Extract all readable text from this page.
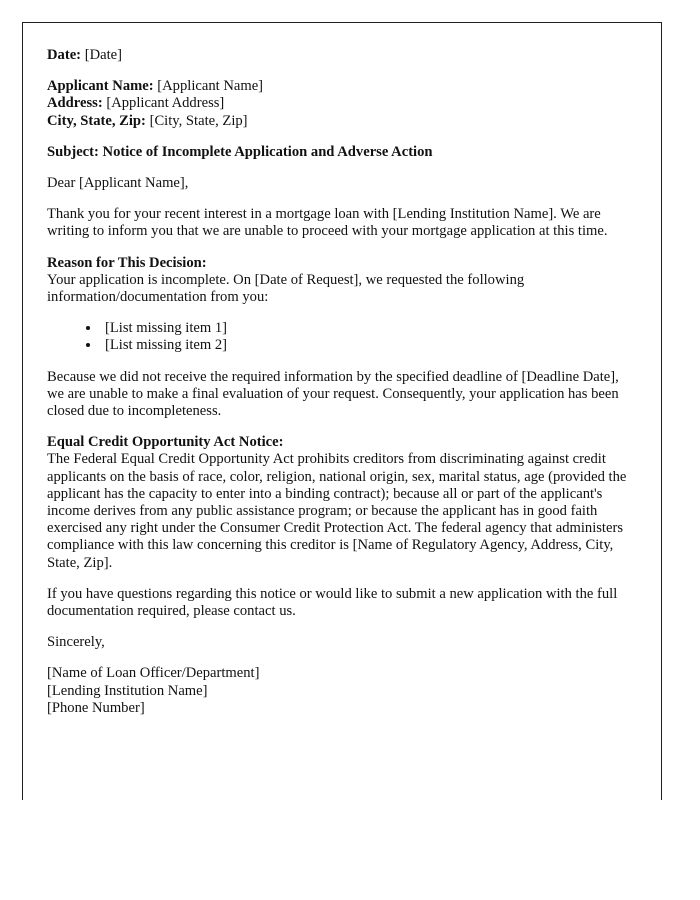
Date: [Date]
Applicant Name: [Applicant Name]
Address: [Applicant Address]
City, State, Zip: [City, State, Zip]
Subject: Notice of Incomplete Application and Adverse Action
Dear [Applicant Name],

Thank you for your recent interest in a mortgage loan with [Lending Institution Name]. We are writing to inform you that we are unable to proceed with your mortgage application at this time.

Reason for This Decision:

Your application is incomplete. On [Date of Request], we requested the following information/documentation from you:

• [List missing item 1]
• [List missing item 2]

Because we did not receive the required information by the specified deadline of [Deadline Date], we are unable to make a final evaluation of your request. Consequently, your application has been closed due to incompleteness.

Equal Credit Opportunity Act Notice:

The Federal Equal Credit Opportunity Act prohibits creditors from discriminating against credit applicants on the basis of race, color, religion, national origin, sex, marital status, age (provided the applicant has the capacity to enter into a binding contract); because all or part of the applicant's income derives from any public assistance program; or because the applicant has in good faith exercised any right under the Consumer Credit Protection Act. The federal agency that administers compliance with this law concerning this creditor is [Name of Regulatory Agency, Address, City, State, Zip].

If you have questions regarding this notice or would like to submit a new application with the full documentation required, please contact us.

Sincerely,
[Name of Loan Officer/Department]
[Lending Institution Name]
[Phone Number]
